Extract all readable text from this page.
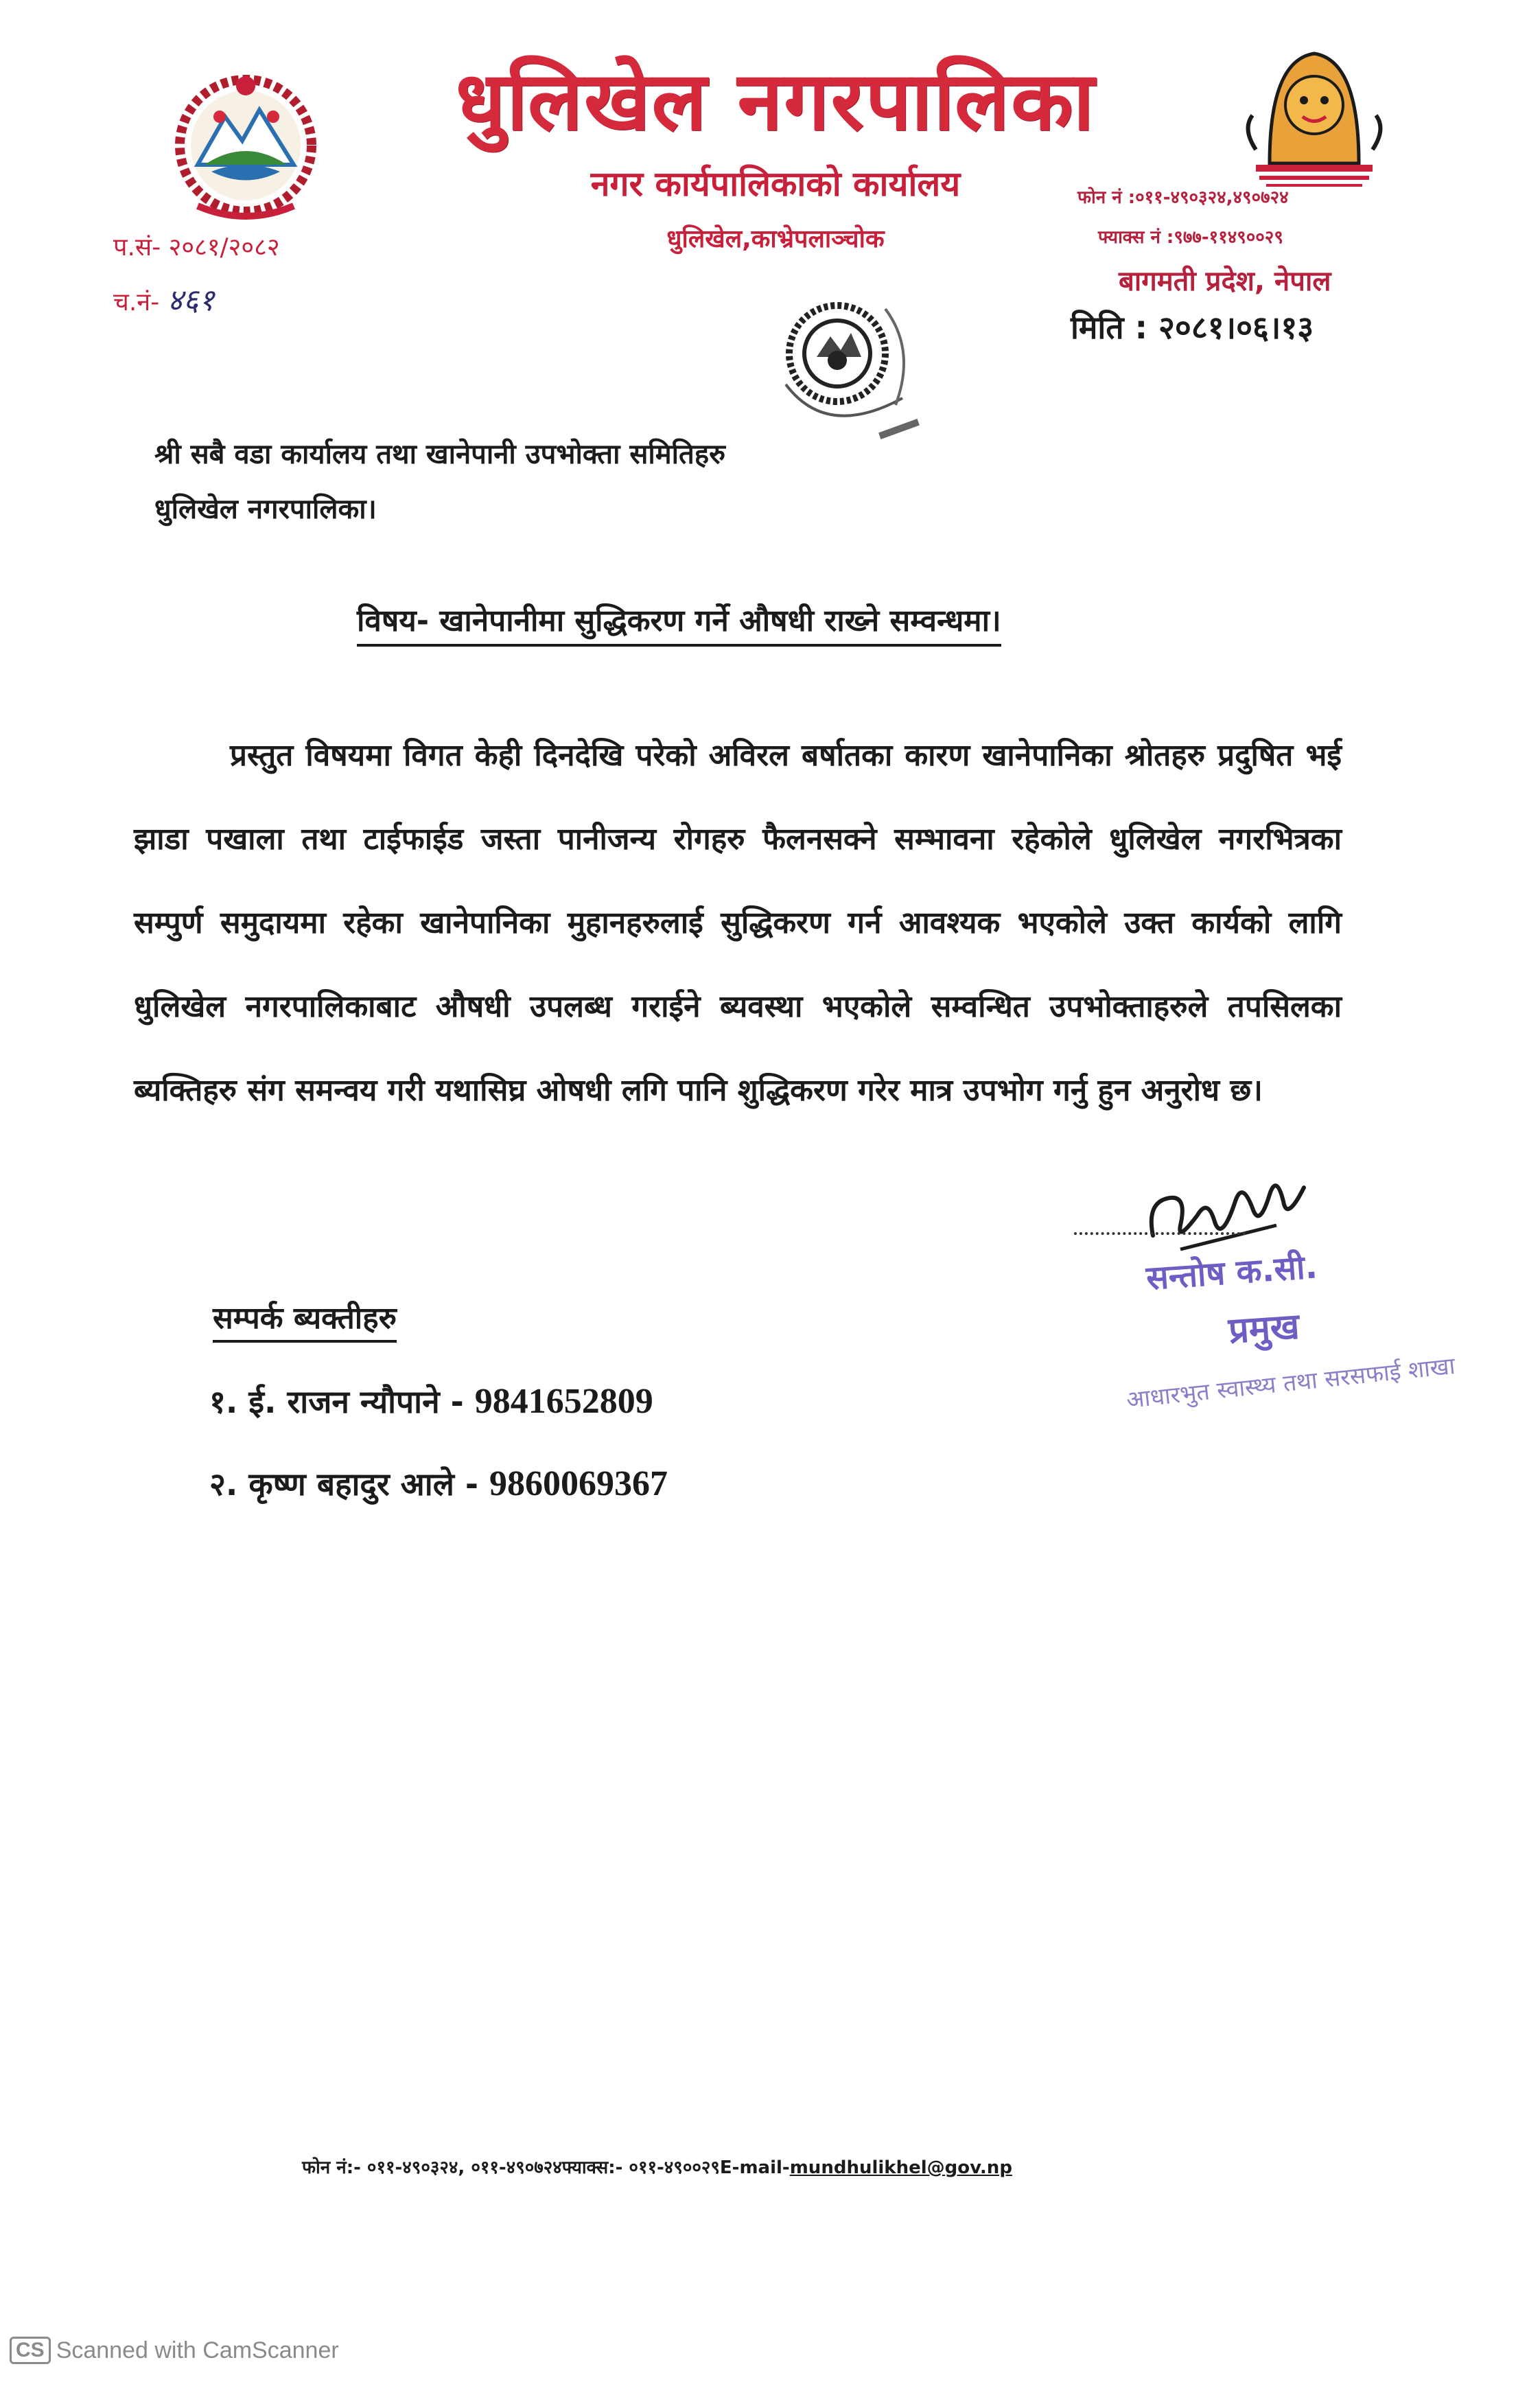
धुलिखेल नगरपालिका
नगर कार्यपालिकाको कार्यालय
धुलिखेल,काभ्रेपलाञ्चोक
प.सं- २०८१/२०८२
च.नं- ४६१
फोन नं :०११-४९०३२४,४९०७२४
फ्याक्स नं :९७७-११४९००२९
बागमती प्रदेश, नेपाल
मिति : २०८१।०६।१३
श्री सबै वडा कार्यालय तथा खानेपानी उपभोक्ता समितिहरु
धुलिखेल नगरपालिका।
विषय- खानेपानीमा सुद्धिकरण गर्ने औषधी राख्ने सम्वन्धमा।
प्रस्तुत विषयमा विगत केही दिनदेखि परेको अविरल बर्षातका कारण खानेपानिका श्रोतहरु प्रदुषित भई झाडा पखाला तथा टाईफाईड जस्ता पानीजन्य रोगहरु फैलनसक्ने सम्भावना रहेकोले धुलिखेल नगरभित्रका सम्पुर्ण समुदायमा रहेका खानेपानिका मुहानहरुलाई सुद्धिकरण गर्न आवश्यक भएकोले उक्त कार्यको लागि धुलिखेल नगरपालिकाबाट औषधी उपलब्ध गराईने ब्यवस्था भएकोले सम्वन्धित उपभोक्ताहरुले तपसिलका ब्यक्तिहरु संग समन्वय गरी यथासिघ्र ओषधी लगि पानि शुद्धिकरण गरेर मात्र उपभोग गर्नु हुन अनुरोध छ।
सन्तोष क.सी.
प्रमुख
आधारभुत स्वास्थ्य तथा सरसफाई शाखा
सम्पर्क ब्यक्तीहरु
१. ई. राजन न्यौपाने - 9841652809
२. कृष्ण बहादुर आले - 9860069367
फोन नं:- ०११-४९०३२४, ०११-४९०७२४फ्याक्स:- ०११-४९००२९E-mail-mundhulikhel@gov.np
CS Scanned with CamScanner
